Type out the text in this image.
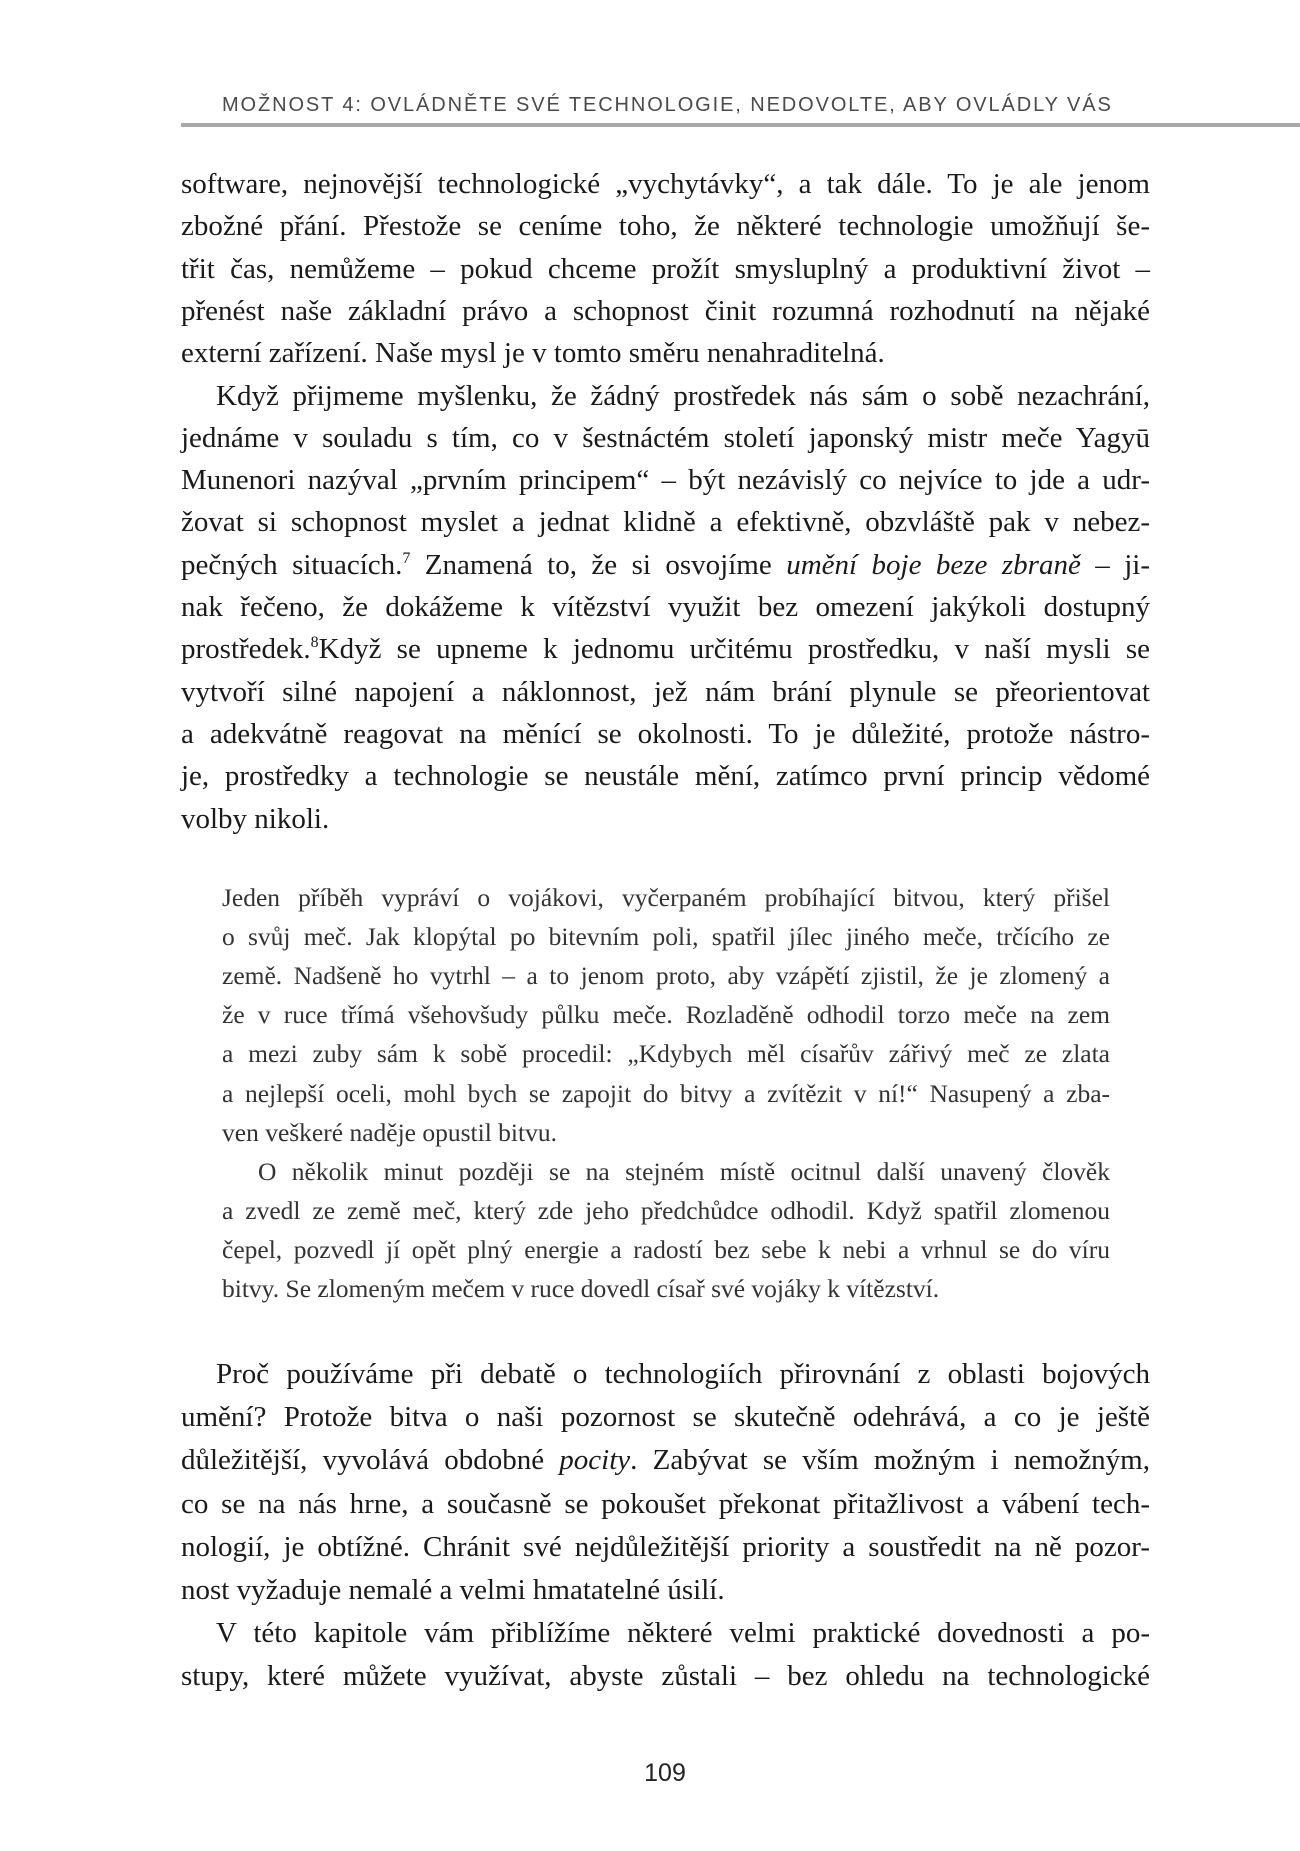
MOŽNOST 4: OVLÁDNĚTE SVÉ TECHNOLOGIE, NEDOVOLTE, ABY OVLÁDLY VÁS
software, nejnovější technologické „vychytávky“, a tak dále. To je ale jenom
zbožné přání. Přestože se ceníme toho, že některé technologie umožňují še-
třit čas, nemůžeme – pokud chceme prožít smysluplný a produktivní život –
přenést naše základní právo a schopnost činit rozumná rozhodnutí na nějaké
externí zařízení. Naše mysl je v tomto směru nenahraditelná.
Když přijmeme myšlenku, že žádný prostředek nás sám o sobě nezachrání,
jednáme v souladu s tím, co v šestnáctém století japonský mistr meče Yagyū
Munenori nazýval „prvním principem“ – být nezávislý co nejvíce to jde a udr-
žovat si schopnost myslet a jednat klidně a efektivně, obzvláště pak v nebez-
pečných situacích.$^7$ Znamená to, že si osvojíme umění boje beze zbraně – ji-
nak řečeno, že dokážeme k vítězství využit bez omezení jakýkoli dostupný
prostředek.$^8$Když se upneme k jednomu určitému prostředku, v naší mysli se
vytvoří silné napojení a náklonnost, jež nám brání plynule se přeorientovat
a adekvátně reagovat na měnící se okolnosti. To je důležité, protože nástro-
je, prostředky a technologie se neustále mění, zatímco první princip vědomé
volby nikoli.
Jeden příběh vypráví o vojákovi, vyčerpaném probíhající bitvou, který přišel
o svůj meč. Jak klopýtal po bitevním poli, spatřil jílec jiného meče, trčícího ze
země. Nadšeně ho vytrhl – a to jenom proto, aby vzápětí zjistil, že je zlomený a
že v ruce třímá všehovšudy půlku meče. Rozladěně odhodil torzo meče na zem
a mezi zuby sám k sobě procedil: „Kdybych měl císařův zářivý meč ze zlata
a nejlepší oceli, mohl bych se zapojit do bitvy a zvítězit v ní!“ Nasupený a zba-
ven veškeré naděje opustil bitvu.
O několik minut později se na stejném místě ocitnul další unavený člověk
a zvedl ze země meč, který zde jeho předchůdce odhodil. Když spatřil zlomenou
čepel, pozvedl jí opět plný energie a radostí bez sebe k nebi a vrhnul se do víru
bitvy. Se zlomeným mečem v ruce dovedl císař své vojáky k vítězství.
Proč používáme při debatě o technologiích přirovnání z oblasti bojových
umění? Protože bitva o naši pozornost se skutečně odehrává, a co je ještě
důležitější, vyvolává obdobné pocity. Zabývat se vším možným i nemožným,
co se na nás hrne, a současně se pokoušet překonat přitažlivost a vábení tech-
nologií, je obtížné. Chránit své nejdůležitější priority a soustředit na ně pozor-
nost vyžaduje nemalé a velmi hmatatelné úsilí.
V této kapitole vám přiblížíme některé velmi praktické dovednosti a po-
stupy, které můžete využívat, abyste zůstali – bez ohledu na technologické
109
